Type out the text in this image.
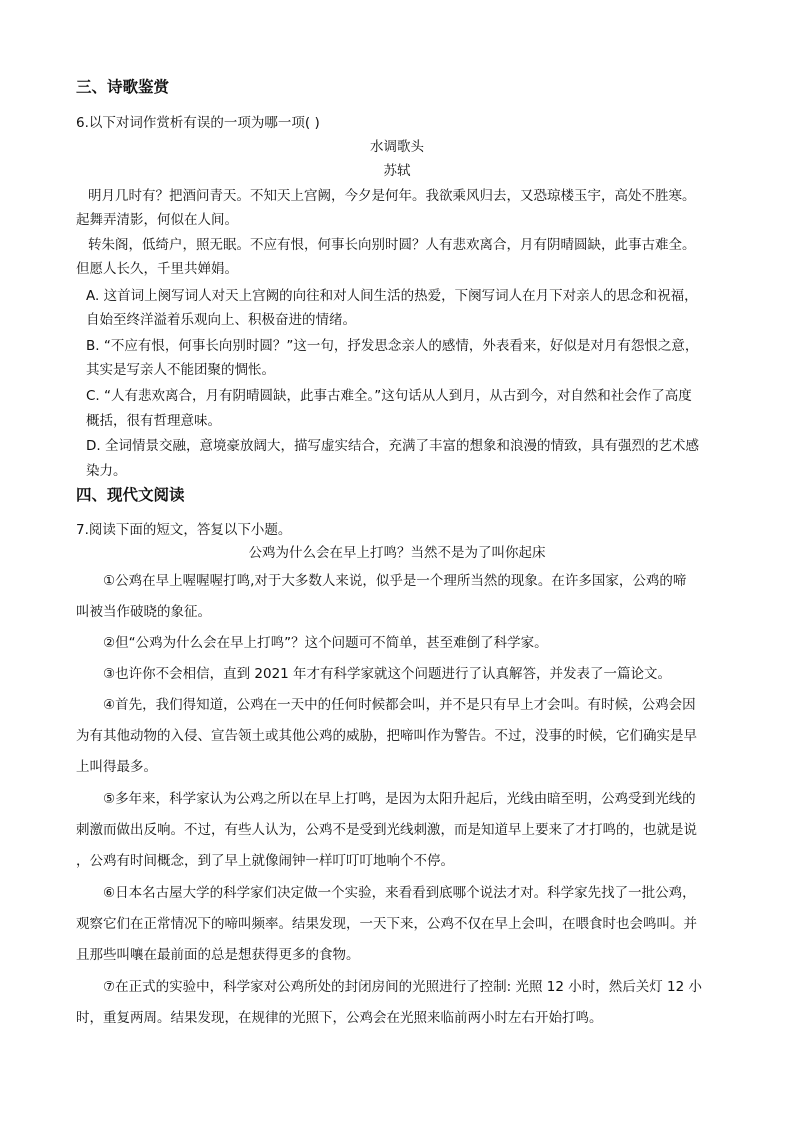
三、诗歌鉴赏
6.以下对词作赏析有误的一项为哪一项( )
水调歌头
苏轼
明月几时有？把酒问青天。不知天上宫阙，今夕是何年。我欲乘风归去，又恐琼楼玉宇，高处不胜寒。
起舞弄清影，何似在人间。
转朱阁，低绮户，照无眠。不应有恨，何事长向别时圆？人有悲欢离合，月有阴晴圆缺，此事古难全。
但愿人长久，千里共婵娟。
A. 这首词上阕写词人对天上宫阙的向往和对人间生活的热爱，下阕写词人在月下对亲人的思念和祝福，
自始至终洋溢着乐观向上、积极奋进的情绪。
B. “不应有恨，何事长向别时圆？”这一句，抒发思念亲人的感情，外表看来，好似是对月有怨恨之意，
其实是写亲人不能团聚的惆怅。
C. “人有悲欢离合，月有阴晴圆缺，此事古难全。”这句话从人到月，从古到今，对自然和社会作了高度
概括，很有哲理意味。
D. 全词情景交融，意境豪放阔大，描写虚实结合，充满了丰富的想象和浪漫的情致，具有强烈的艺术感
染力。
四、现代文阅读
7.阅读下面的短文，答复以下小题。
公鸡为什么会在早上打鸣？当然不是为了叫你起床
①公鸡在早上喔喔喔打鸣,对于大多数人来说，似乎是一个理所当然的现象。在许多国家，公鸡的啼
叫被当作破晓的象征。
②但“公鸡为什么会在早上打鸣”？这个问题可不简单，甚至难倒了科学家。
③也许你不会相信，直到 2021 年才有科学家就这个问题进行了认真解答，并发表了一篇论文。
④首先，我们得知道，公鸡在一天中的任何时候都会叫，并不是只有早上才会叫。有时候，公鸡会因
为有其他动物的入侵、宣告领土或其他公鸡的威胁，把啼叫作为警告。不过，没事的时候，它们确实是早
上叫得最多。
⑤多年来，科学家认为公鸡之所以在早上打鸣，是因为太阳升起后，光线由暗至明，公鸡受到光线的
刺激而做出反响。不过，有些人认为，公鸡不是受到光线刺激，而是知道早上要来了才打鸣的，也就是说
，公鸡有时间概念，到了早上就像闹钟一样叮叮叮地响个不停。
⑥日本名古屋大学的科学家们决定做一个实验，来看看到底哪个说法才对。科学家先找了一批公鸡，
观察它们在正常情况下的啼叫频率。结果发现，一天下来，公鸡不仅在早上会叫，在喂食时也会鸣叫。并
且那些叫嚷在最前面的总是想获得更多的食物。
⑦在正式的实验中，科学家对公鸡所处的封闭房间的光照进行了控制: 光照 12 小时，然后关灯 12 小
时，重复两周。结果发现，在规律的光照下，公鸡会在光照来临前两小时左右开始打鸣。
